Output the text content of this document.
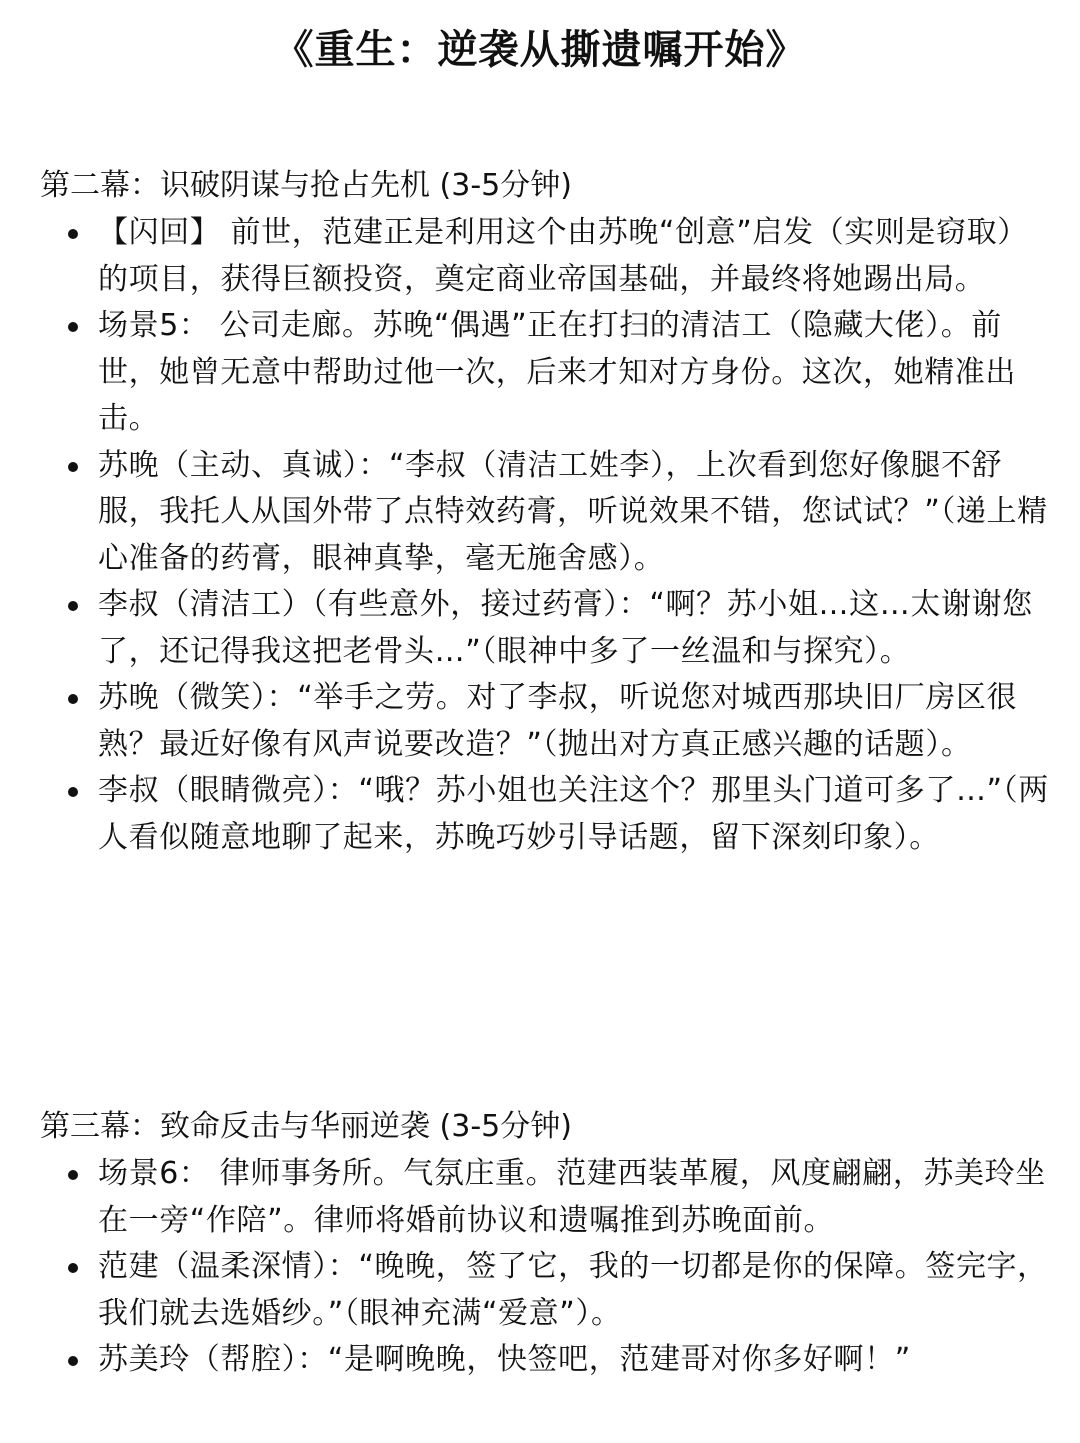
《重生：逆袭从撕遗嘱开始》
第二幕：识破阴谋与抢占先机 (3-5分钟)
【闪回】 前世，范建正是利用这个由苏晚“创意”启发（实则是窃取）的项目，获得巨额投资，奠定商业帝国基础，并最终将她踢出局。
场景5： 公司走廊。苏晚“偶遇”正在打扫的清洁工（隐藏大佬）。前世，她曾无意中帮助过他一次，后来才知对方身份。这次，她精准出击。
苏晚（主动、真诚）：“李叔（清洁工姓李），上次看到您好像腿不舒服，我托人从国外带了点特效药膏，听说效果不错，您试试？”（递上精心准备的药膏，眼神真挚，毫无施舍感）。
李叔（清洁工）（有些意外，接过药膏）：“啊？苏小姐…这…太谢谢您了，还记得我这把老骨头…”（眼神中多了一丝温和与探究）。
苏晚（微笑）：“举手之劳。对了李叔，听说您对城西那块旧厂房区很熟？最近好像有风声说要改造？”（抛出对方真正感兴趣的话题）。
李叔（眼睛微亮）：“哦？苏小姐也关注这个？那里头门道可多了…”（两人看似随意地聊了起来，苏晚巧妙引导话题，留下深刻印象）。
第三幕：致命反击与华丽逆袭 (3-5分钟)
场景6： 律师事务所。气氛庄重。范建西装革履，风度翩翩，苏美玲坐在一旁“作陪”。律师将婚前协议和遗嘱推到苏晚面前。
范建（温柔深情）：“晚晚，签了它，我的一切都是你的保障。签完字，我们就去选婚纱。”（眼神充满“爱意”）。
苏美玲（帮腔）：“是啊晚晚，快签吧，范建哥对你多好啊！”
